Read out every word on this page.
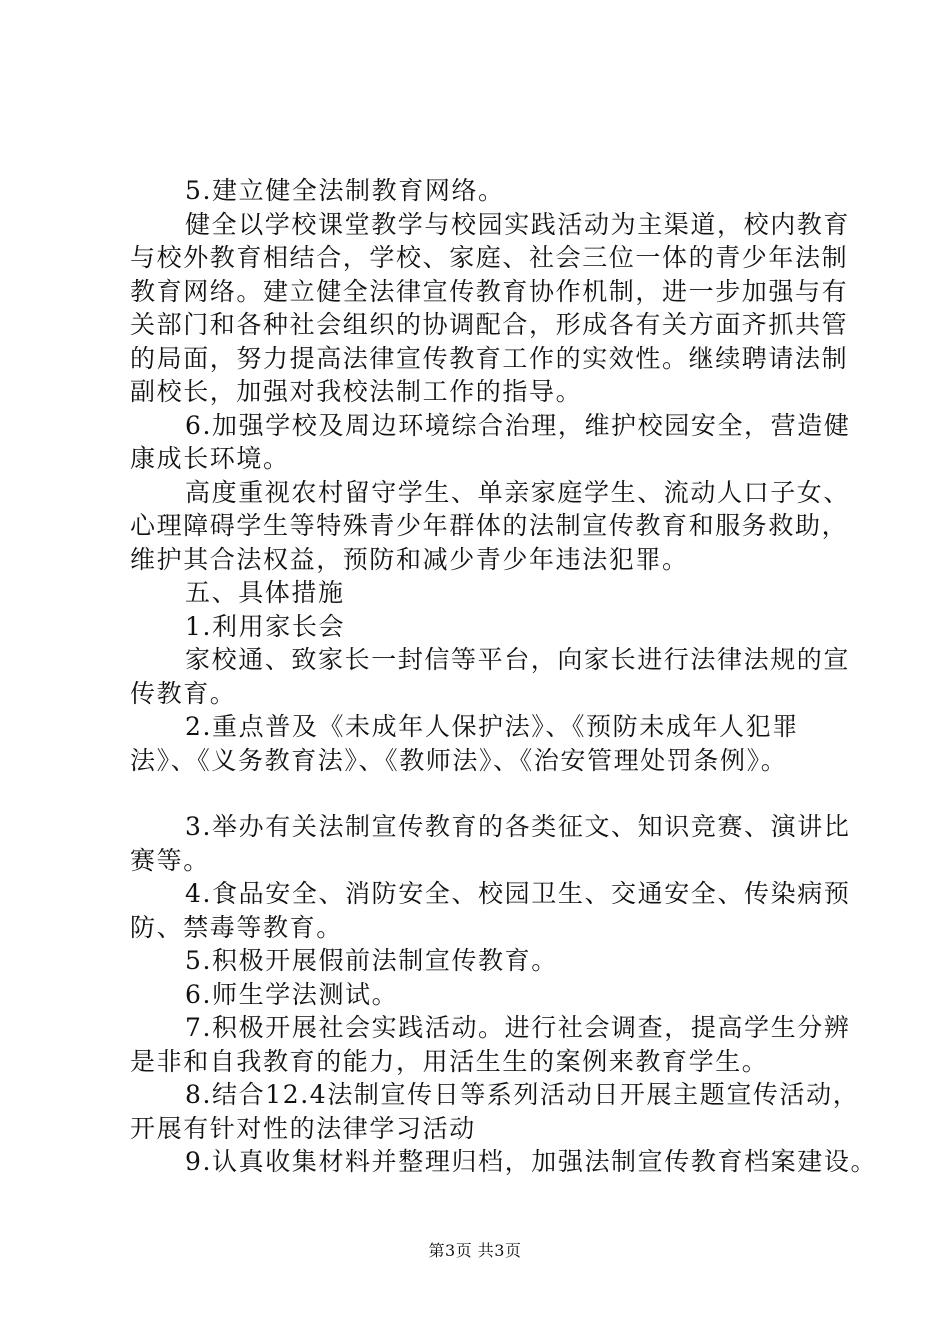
5.建立健全法制教育网络。
健全以学校课堂教学与校园实践活动为主渠道，校内教育
与校外教育相结合，学校、家庭、社会三位一体的青少年法制
教育网络。建立健全法律宣传教育协作机制，进一步加强与有
关部门和各种社会组织的协调配合，形成各有关方面齐抓共管
的局面，努力提高法律宣传教育工作的实效性。继续聘请法制
副校长，加强对我校法制工作的指导。
6.加强学校及周边环境综合治理，维护校园安全，营造健
康成长环境。
高度重视农村留守学生、单亲家庭学生、流动人口子女、
心理障碍学生等特殊青少年群体的法制宣传教育和服务救助，
维护其合法权益，预防和减少青少年违法犯罪。
五、具体措施
1.利用家长会
家校通、致家长一封信等平台，向家长进行法律法规的宣
传教育。
2.重点普及《未成年人保护法》、《预防未成年人犯罪
法》、《义务教育法》、《教师法》、《治安管理处罚条例》。
3.举办有关法制宣传教育的各类征文、知识竞赛、演讲比
赛等。
4.食品安全、消防安全、校园卫生、交通安全、传染病预
防、禁毒等教育。
5.积极开展假前法制宣传教育。
6.师生学法测试。
7.积极开展社会实践活动。进行社会调查，提高学生分辨
是非和自我教育的能力，用活生生的案例来教育学生。
8.结合12.4法制宣传日等系列活动日开展主题宣传活动，
开展有针对性的法律学习活动
9.认真收集材料并整理归档，加强法制宣传教育档案建设。
第3页 共3页
